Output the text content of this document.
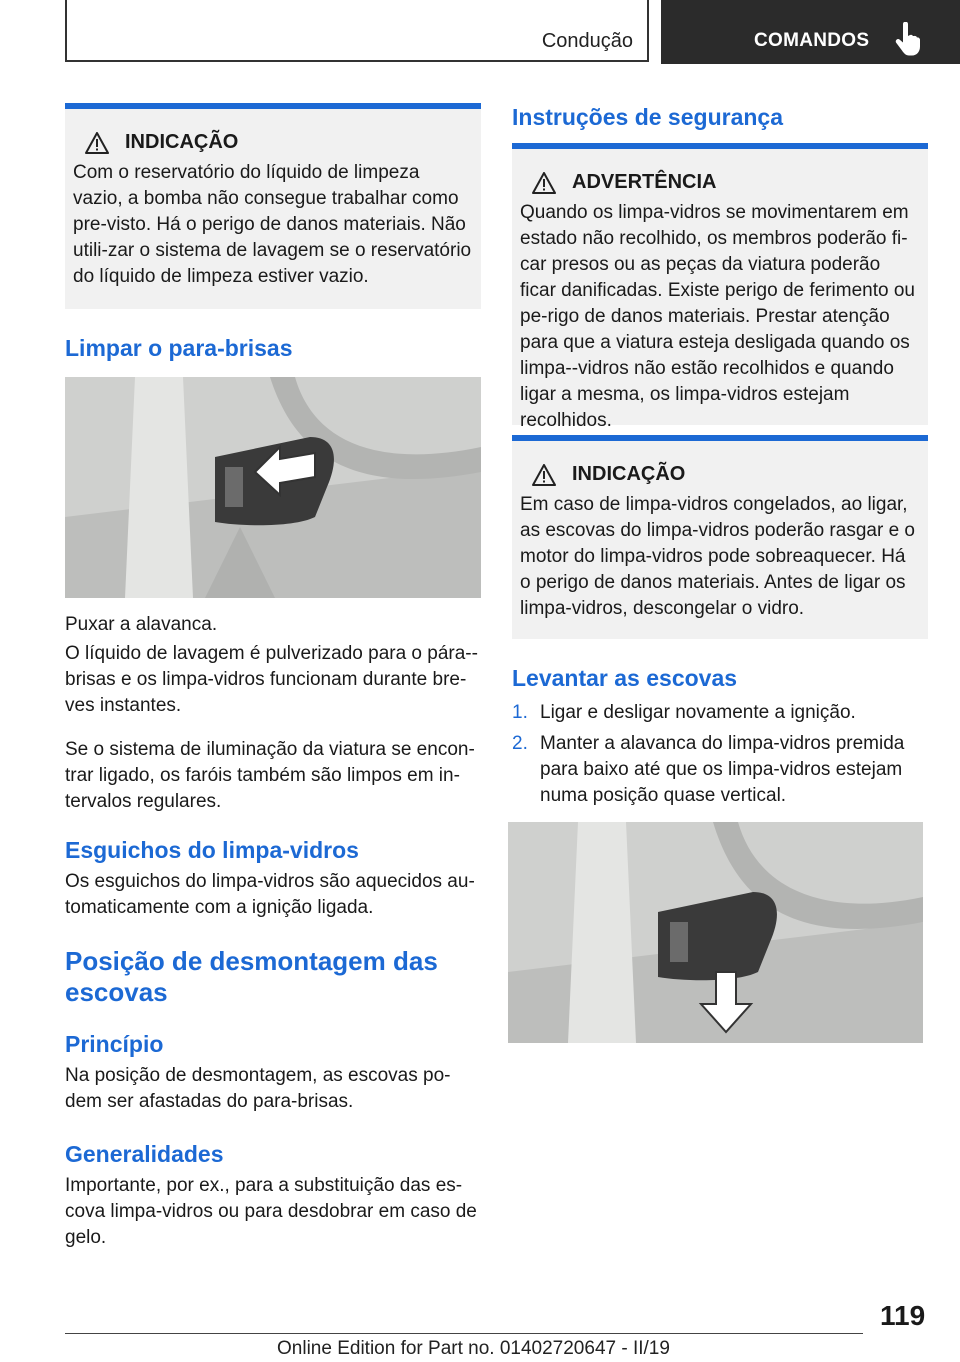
Condução	COMANDOS
INDICAÇÃO

Com o reservatório do líquido de limpeza vazio, a bomba não consegue trabalhar como pre-visto. Há o perigo de danos materiais. Não utili-zar o sistema de lavagem se o reservatório do líquido de limpeza estiver vazio.

Limpar o para-brisas

Puxar a alavanca.

O líquido de lavagem é pulverizado para o pára--brisas e os limpa-vidros funcionam durante bre-ves instantes.

Se o sistema de iluminação da viatura se encon-trar ligado, os faróis também são limpos em in-tervalos regulares.

Esguichos do limpa-vidros

Os esguichos do limpa-vidros são aquecidos au-tomaticamente com a ignição ligada.

Posição de desmontagem das escovas
Princípio

Na posição de desmontagem, as escovas po-dem ser afastadas do para-brisas.

Generalidades

Importante, por ex., para a substituição das es-cova limpa-vidros ou para desdobrar em caso de gelo.

Instruções de segurança
ADVERTÊNCIA

Quando os limpa-vidros se movimentarem em estado não recolhido, os membros poderão fi-car presos ou as peças da viatura poderão ficar danificadas. Existe perigo de ferimento ou pe-rigo de danos materiais. Prestar atenção para que a viatura esteja desligada quando os limpa--vidros não estão recolhidos e quando ligar a mesma, os limpa-vidros estejam recolhidos.

INDICAÇÃO

Em caso de limpa-vidros congelados, ao ligar, as escovas do limpa-vidros poderão rasgar e o motor do limpa-vidros pode sobreaquecer. Há o perigo de danos materiais. Antes de ligar os limpa-vidros, descongelar o vidro.

Levantar as escovas
1. Ligar e desligar novamente a ignição.
2. Manter a alavanca do limpa-vidros premida para baixo até que os limpa-vidros estejam numa posição quase vertical.
119
Online Edition for Part no. 01402720647 - II/19
